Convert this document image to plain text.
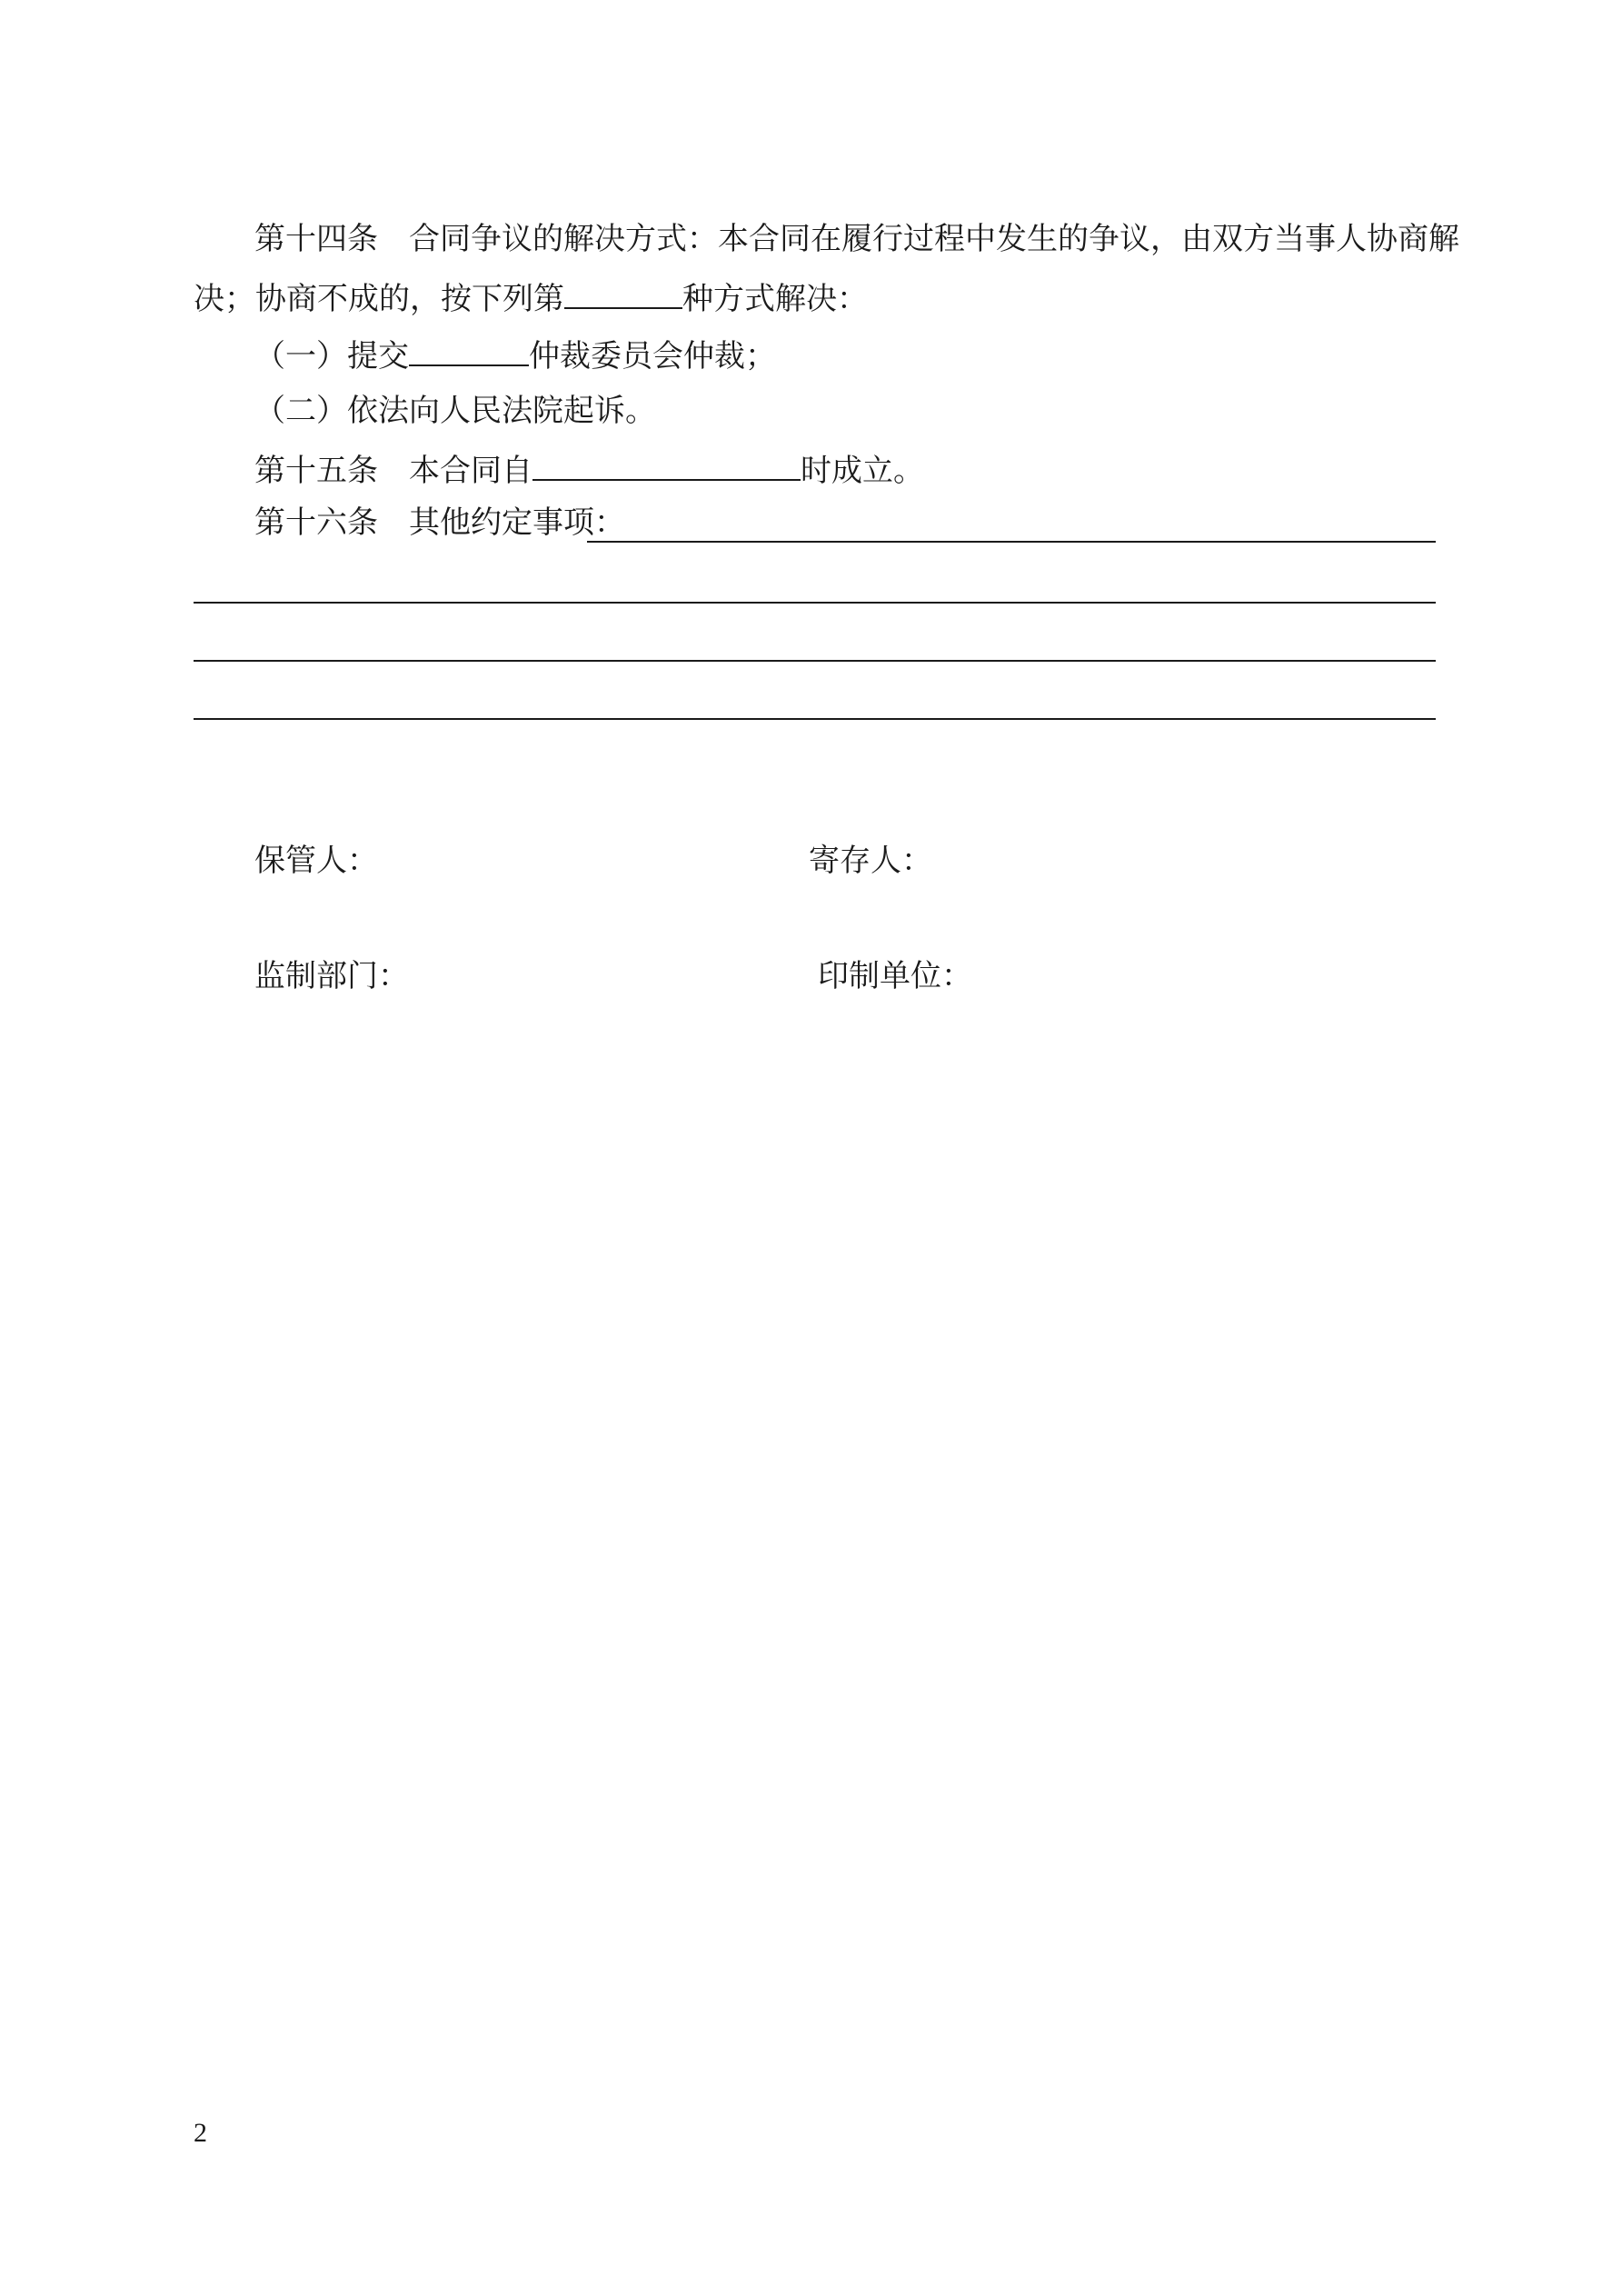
第十四条　合同争议的解决方式：本合同在履行过程中发生的争议，由双方当事人协商解
决；协商不成的，按下列第	种方式解决：
（一）提交	仲裁委员会仲裁；
（二）依法向人民法院起诉。
第十五条　本合同自	时成立。
第十六条　其他约定事项：
保管人：	寄存人：
监制部门：	印制单位：
2
